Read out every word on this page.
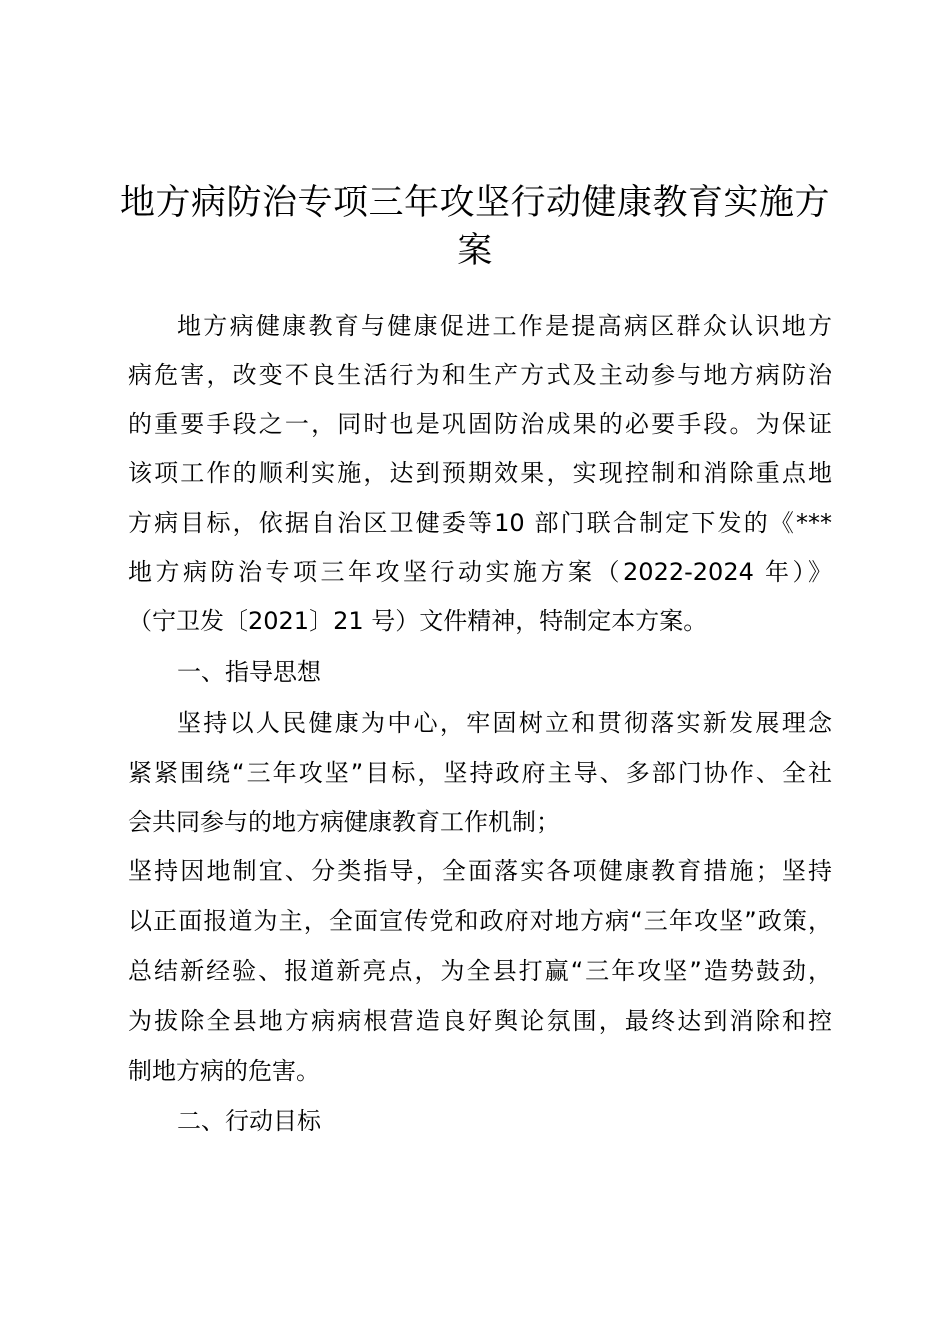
地方病防治专项三年攻坚行动健康教育实施方
案
地方病健康教育与健康促进工作是提高病区群众认识地方
病危害，改变不良生活行为和生产方式及主动参与地方病防治
的重要手段之一，同时也是巩固防治成果的必要手段。为保证
该项工作的顺利实施，达到预期效果，实现控制和消除重点地
方病目标，依据自治区卫健委等10 部门联合制定下发的《***
地方病防治专项三年攻坚行动实施方案（2022-2024 年）》
（宁卫发〔2021〕21 号）文件精神，特制定本方案。
一、指导思想
坚持以人民健康为中心，牢固树立和贯彻落实新发展理念
紧紧围绕“三年攻坚”目标，坚持政府主导、多部门协作、全社
会共同参与的地方病健康教育工作机制；
坚持因地制宜、分类指导，全面落实各项健康教育措施；坚持
以正面报道为主，全面宣传党和政府对地方病“三年攻坚”政策，
总结新经验、报道新亮点，为全县打赢“三年攻坚”造势鼓劲，
为拔除全县地方病病根营造良好舆论氛围，最终达到消除和控
制地方病的危害。
二、行动目标
